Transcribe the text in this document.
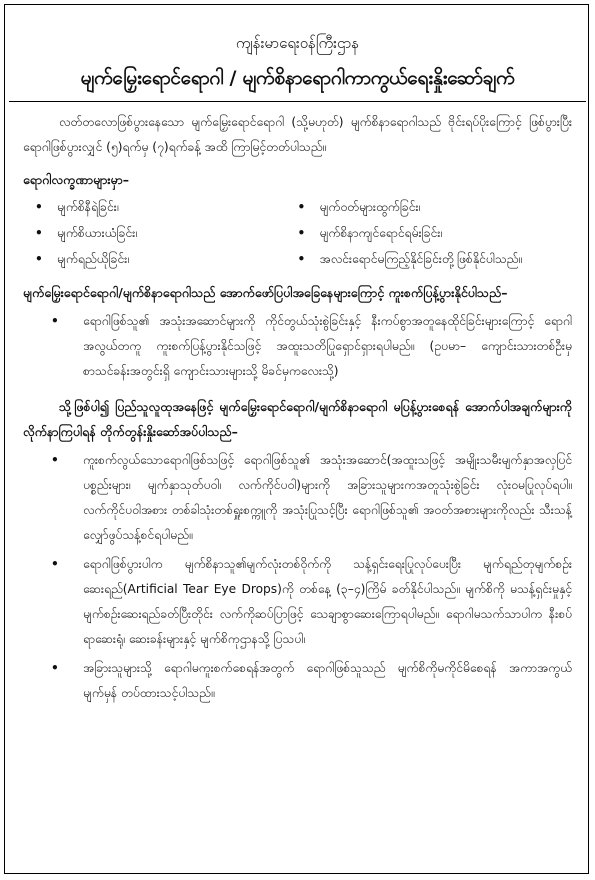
ကျန်းမာရေးဝန်ကြီးဌာန
မျက်မြှေးရောင်ရောဂါ / မျက်စိနာရောဂါကာကွယ်ရေးနှိုးဆော်ချက်
လတ်တလောဖြစ်ပွားနေသော မျက်မြှေးရောင်ရောဂါ (သို့မဟုတ်) မျက်စိနာရောဂါသည် ဗိုင်းရပ်ပိုးကြောင့် ဖြစ်ပွားပြီး ရောဂါဖြစ်ပွားလျှင် (၅)ရက်မှ (၇)ရက်ခန့် အထိ ကြာမြင့်တတ်ပါသည်။
ရောဂါလက္ခဏာများမှာ–
•	မျက်စိနီရဲခြင်း၊	•	မျက်ဝတ်များထွက်ခြင်း၊
•	မျက်စိယားယံခြင်း၊	•	မျက်စိနာကျင်ရောင်ရမ်းခြင်း၊
•	မျက်ရည်ယိုခြင်း၊	•	အလင်းရောင်မကြည့်နိုင်ခြင်းတို့ဖြစ်နိုင်ပါသည်။
မျက်မြှေးရောင်ရောဂါ/မျက်စိနာရောဂါသည် အောက်ဖော်ပြပါအခြေနေများကြောင့် ကူးစက်ပြန့်ပွားနိုင်ပါသည်–
•	ရောဂါဖြစ်သူ၏ အသုံးအဆောင်များကို ကိုင်တွယ်သုံးစွဲခြင်းနှင့် နီးကပ်စွာအတူနေထိုင်ခြင်းများကြောင့် ရောဂါအလွယ်တကူ ကူးစက်ပြန့်ပွားနိုင်သဖြင့် အထူးသတိပြုရှောင်ရှားရပါမည်။ (ဥပမာ– ကျောင်းသားတစ်ဦးမှ စာသင်ခန်းအတွင်းရှိ ကျောင်းသားများသို့ မိခင်မှကလေးသို့)
သို့ဖြစ်ပါ၍ ပြည်သူလူထုအနေဖြင့် မျက်မြှေးရောင်ရောဂါ/မျက်စိနာရောဂါ မပြန့်ပွားစေရန် အောက်ပါအချက်များကို လိုက်နာကြပါရန် တိုက်တွန်းနှိုးဆော်အပ်ပါသည်–
•	ကူးစက်လွယ်သောရောဂါဖြစ်သဖြင့် ရောဂါဖြစ်သူ၏ အသုံးအဆောင်(အထူးသဖြင့် အမျိုးသမီးမျက်နှာအလှပြင်ပစ္စည်းများ၊ မျက်နှာသုတ်ပဝါ၊ လက်ကိုင်ပဝါ)များကို အခြားသူများကအတူသုံးစွဲခြင်း လုံးဝမပြုလုပ်ရပါ။ လက်ကိုင်ပဝါအစား တစ်ခါသုံးတစ်ရှူးစက္ကူကို အသုံးပြုသင့်ပြီး ရောဂါဖြစ်သူ၏ အဝတ်အစားများကိုလည်း သီးသန့်လျှော်ဖွပ်သန့်စင်ရပါမည်။
•	ရောဂါဖြစ်ပွားပါက မျက်စိနာသူ၏မျက်လုံးတစ်ဝိုက်ကို သန့်ရှင်းရေးပြုလုပ်ပေးပြီး မျက်ရည်တုမျက်စဉ်းဆေးရည်(Artificial Tear Eye Drops)ကို တစ်နေ့ (၃–၄)ကြိမ် ခတ်နိုင်ပါသည်။ မျက်စိကို မသန့်ရှင်းမှုနှင့် မျက်စဉ်းဆေးရည်ခတ်ပြီးတိုင်း လက်ကိုဆပ်ပြာဖြင့် သေချာစွာဆေးကြောရပါမည်။ ရောဂါမသက်သာပါက နီးစပ်ရာဆေးရုံ၊ ဆေးခန်းများနှင့် မျက်စိကုဌာနသို့ ပြသပါ၊
•	အခြားသူများသို့ ရောဂါမကူးစက်စေရန်အတွက် ရောဂါဖြစ်သူသည် မျက်စိကိုမကိုင်မိစေရန် အကာအကွယ်မျက်မှန် တပ်ထားသင့်ပါသည်။
